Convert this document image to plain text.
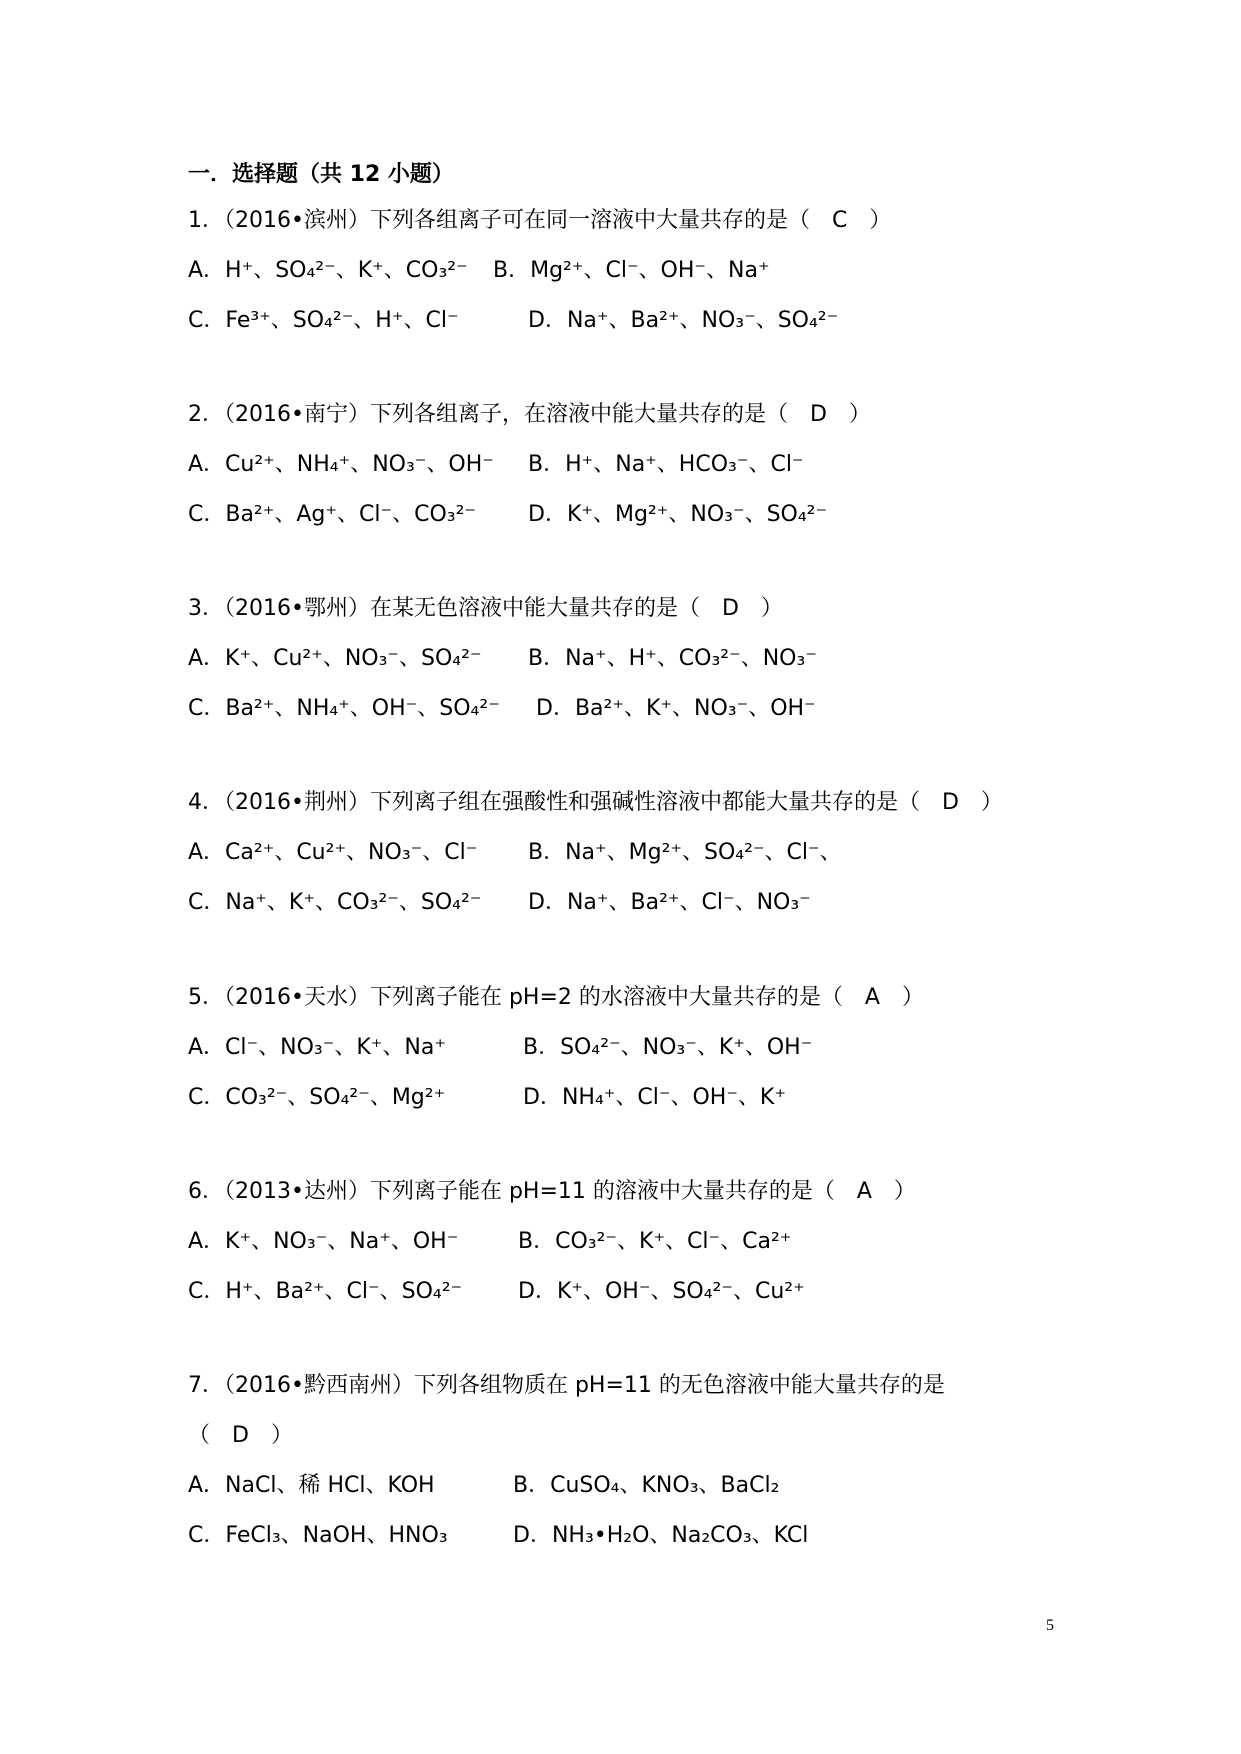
一．选择题（共 12 小题）
1．（2016•滨州）下列各组离子可在同一溶液中大量共存的是（　C　）
A．H⁺、SO₄²⁻、K⁺、CO₃²⁻ B．Mg²⁺、Cl⁻、OH⁻、Na⁺
C．Fe³⁺、SO₄²⁻、H⁺、Cl⁻	D．Na⁺、Ba²⁺、NO₃⁻、SO₄²⁻
2．（2016•南宁）下列各组离子，在溶液中能大量共存的是（　D　）
A．Cu²⁺、NH₄⁺、NO₃⁻、OH⁻ B．H⁺、Na⁺、HCO₃⁻、Cl⁻
C．Ba²⁺、Ag⁺、Cl⁻、CO₃²⁻ D．K⁺、Mg²⁺、NO₃⁻、SO₄²⁻
3．（2016•鄂州）在某无色溶液中能大量共存的是（　D　）
A．K⁺、Cu²⁺、NO₃⁻、SO₄²⁻ B．Na⁺、H⁺、CO₃²⁻、NO₃⁻
C．Ba²⁺、NH₄⁺、OH⁻、SO₄²⁻ D．Ba²⁺、K⁺、NO₃⁻、OH⁻
4．（2016•荆州）下列离子组在强酸性和强碱性溶液中都能大量共存的是（　D　）
A．Ca²⁺、Cu²⁺、NO₃⁻、Cl⁻ B．Na⁺、Mg²⁺、SO₄²⁻、Cl⁻、
C．Na⁺、K⁺、CO₃²⁻、SO₄²⁻ D．Na⁺、Ba²⁺、Cl⁻、NO₃⁻
5．（2016•天水）下列离子能在 pH=2 的水溶液中大量共存的是（　A　）
A．Cl⁻、NO₃⁻、K⁺、Na⁺	B．SO₄²⁻、NO₃⁻、K⁺、OH⁻
C．CO₃²⁻、SO₄²⁻、Mg²⁺	D．NH₄⁺、Cl⁻、OH⁻、K⁺
6．（2013•达州）下列离子能在 pH=11 的溶液中大量共存的是（　A　）
A．K⁺、NO₃⁻、Na⁺、OH⁻	B．CO₃²⁻、K⁺、Cl⁻、Ca²⁺
C．H⁺、Ba²⁺、Cl⁻、SO₄²⁻	D．K⁺、OH⁻、SO₄²⁻、Cu²⁺
7．（2016•黔西南州）下列各组物质在 pH=11 的无色溶液中能大量共存的是
（　D　）
A．NaCl、稀 HCl、KOH	B．CuSO₄、KNO₃、BaCl₂
C．FeCl₃、NaOH、HNO₃	D．NH₃•H₂O、Na₂CO₃、KCl
5
